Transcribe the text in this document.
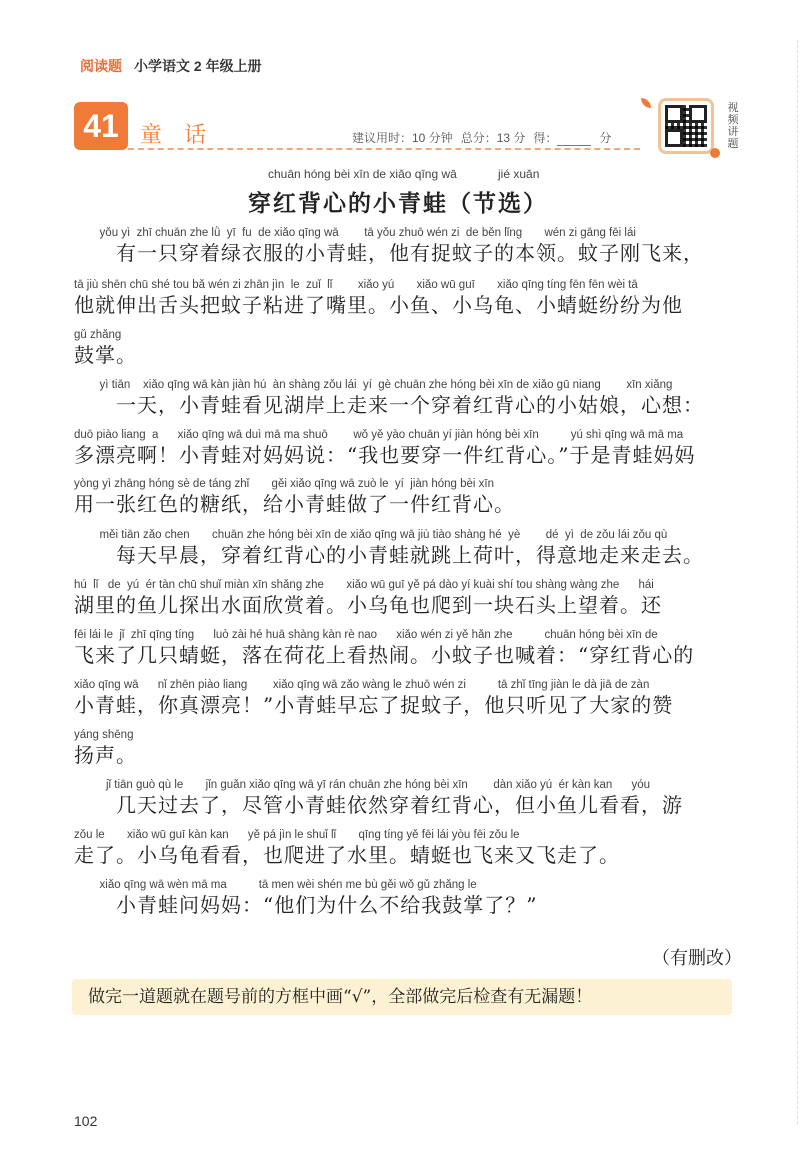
阅读题 小学语文 2 年级上册
41 童 话	建议用时：10 分钟 总分：13 分 得：	分
视频讲题
chuān hóng bèi xīn de xiǎo qīng wā	jié xuǎn
穿红背心的小青蛙（节选）
yǒu yì  zhī chuān zhe lǜ  yī  fu  de xiǎo qīng wā        tā yǒu zhuō wén zi  de běn lǐng       wén zi gāng fēi lái
　　有一只穿着绿衣服的小青蛙，他有捉蚊子的本领。蚊子刚飞来，
tā jiù shēn chū shé tou bǎ wén zi zhān jìn  le  zuǐ  lǐ        xiǎo yú       xiǎo wū guī       xiǎo qīng tíng fēn fēn wèi tā
他就伸出舌头把蚊子粘进了嘴里。小鱼、小乌龟、小蜻蜓纷纷为他
gǔ zhǎng
鼓掌。
yì tiān    xiǎo qīng wā kàn jiàn hú  àn shàng zǒu lái  yí  gè chuān zhe hóng bèi xīn de xiǎo gū niang        xīn xiǎng
　　一天，小青蛙看见湖岸上走来一个穿着红背心的小姑娘，心想：
duō piào liang  a      xiǎo qīng wā duì mā ma shuō        wǒ yě yào chuān yí jiàn hóng bèi xīn          yú shì qīng wā mā ma
多漂亮啊！小青蛙对妈妈说：“我也要穿一件红背心。”于是青蛙妈妈
yòng yì zhāng hóng sè de táng zhǐ       gěi xiǎo qīng wā zuò le  yí  jiàn hóng bèi xīn
用一张红色的糖纸，给小青蛙做了一件红背心。
měi tiān zǎo chen       chuān zhe hóng bèi xīn de xiǎo qīng wā jiù tiào shàng hé  yè        dé  yì  de zǒu lái zǒu qù
　　每天早晨，穿着红背心的小青蛙就跳上荷叶，得意地走来走去。
hú  lǐ   de  yú  ér tàn chū shuǐ miàn xīn shǎng zhe       xiǎo wū guī yě pá dào yí kuài shí tou shàng wàng zhe      hái
湖里的鱼儿探出水面欣赏着。小乌龟也爬到一块石头上望着。还
fēi lái le  jǐ  zhī qīng tíng      luò zài hé huā shàng kàn rè nao      xiǎo wén zi yě hǎn zhe          chuān hóng bèi xīn de
飞来了几只蜻蜓，落在荷花上看热闹。小蚊子也喊着：“穿红背心的
xiǎo qīng wā      nǐ zhēn piào liang        xiǎo qīng wā zǎo wàng le zhuō wén zi          tā zhǐ tīng jiàn le dà jiā de zàn
小青蛙，你真漂亮！”小青蛙早忘了捉蚊子，他只听见了大家的赞
yáng shēng
扬声。
jǐ tiān guò qù le       jǐn guǎn xiǎo qīng wā yī rán chuān zhe hóng bèi xīn        dàn xiǎo yú  ér kàn kan      yóu
　　几天过去了，尽管小青蛙依然穿着红背心，但小鱼儿看看，游
zǒu le       xiǎo wū guī kàn kan      yě pá jìn le shuǐ lǐ       qīng tíng yě fēi lái yòu fēi zǒu le
走了。小乌龟看看，也爬进了水里。蜻蜓也飞来又飞走了。
xiǎo qīng wā wèn mā ma          tā men wèi shén me bù gěi wǒ gǔ zhǎng le
　　小青蛙问妈妈：“他们为什么不给我鼓掌了？”
（有删改）
做完一道题就在题号前的方框中画“√”，全部做完后检查有无漏题！
102
